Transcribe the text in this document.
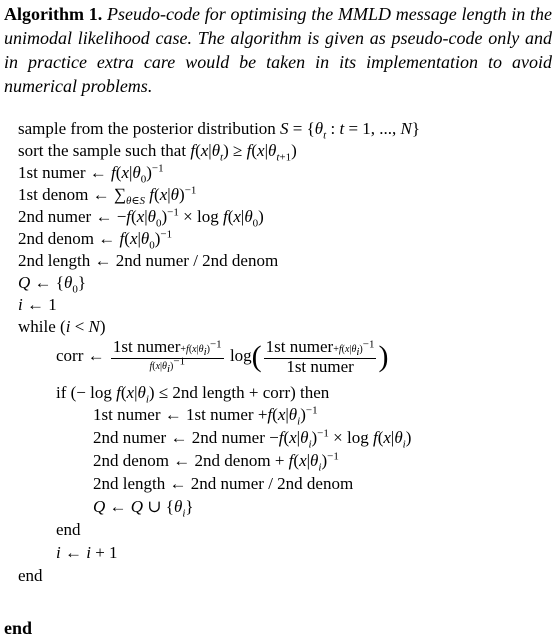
Algorithm 1. Pseudo-code for optimising the MMLD message length in the unimodal likelihood case. The algorithm is given as pseudo-code only and in practice extra care would be taken in its implementation to avoid numerical problems.
sample from the posterior distribution $S = \{\theta_t$ : t = 1, ..., N}
sort the sample such that $f(x|\theta_t) \ge f(x|\theta_{t+1})$
1st numer ← $f(x|\theta_0)^{-1}$
1st denom ← $\sum_{\theta\in S}$ $f(x|\theta)^{-1}$
2nd numer ← $-f(x|\theta_0)^{-1} \times \log f(x|\theta_0)$
2nd denom ← $f(x|\theta_0)^{-1}$
2nd length ← 2nd numer / 2nd denom
Q ← $\{\theta_0\}$
i ← 1
while (i < N)
corr ← $\frac{1st numer+f(x|\theta_i)^{-1}}{f(x|\theta_i)^{-1}} \log( \frac{1st numer+f(x|\theta_i)^{-1}}{\text{1st numer}}$ )
if (− $\log f(x|\theta_i) \le 2nd$ length + corr) then
1st numer ← 1st numer $+f(x|\theta_i)^{-1}$
2nd numer ← 2nd numer $-f(x|\theta_i)^{-1} \times \log f(x|\theta_i)$
2nd denom ← 2nd denom + $f(x|\theta_i)^{-1}$
2nd length ← 2nd numer / 2nd denom
Q ← Q ∪ $\{\theta_i\}$
end
i ← i + 1
end
end
